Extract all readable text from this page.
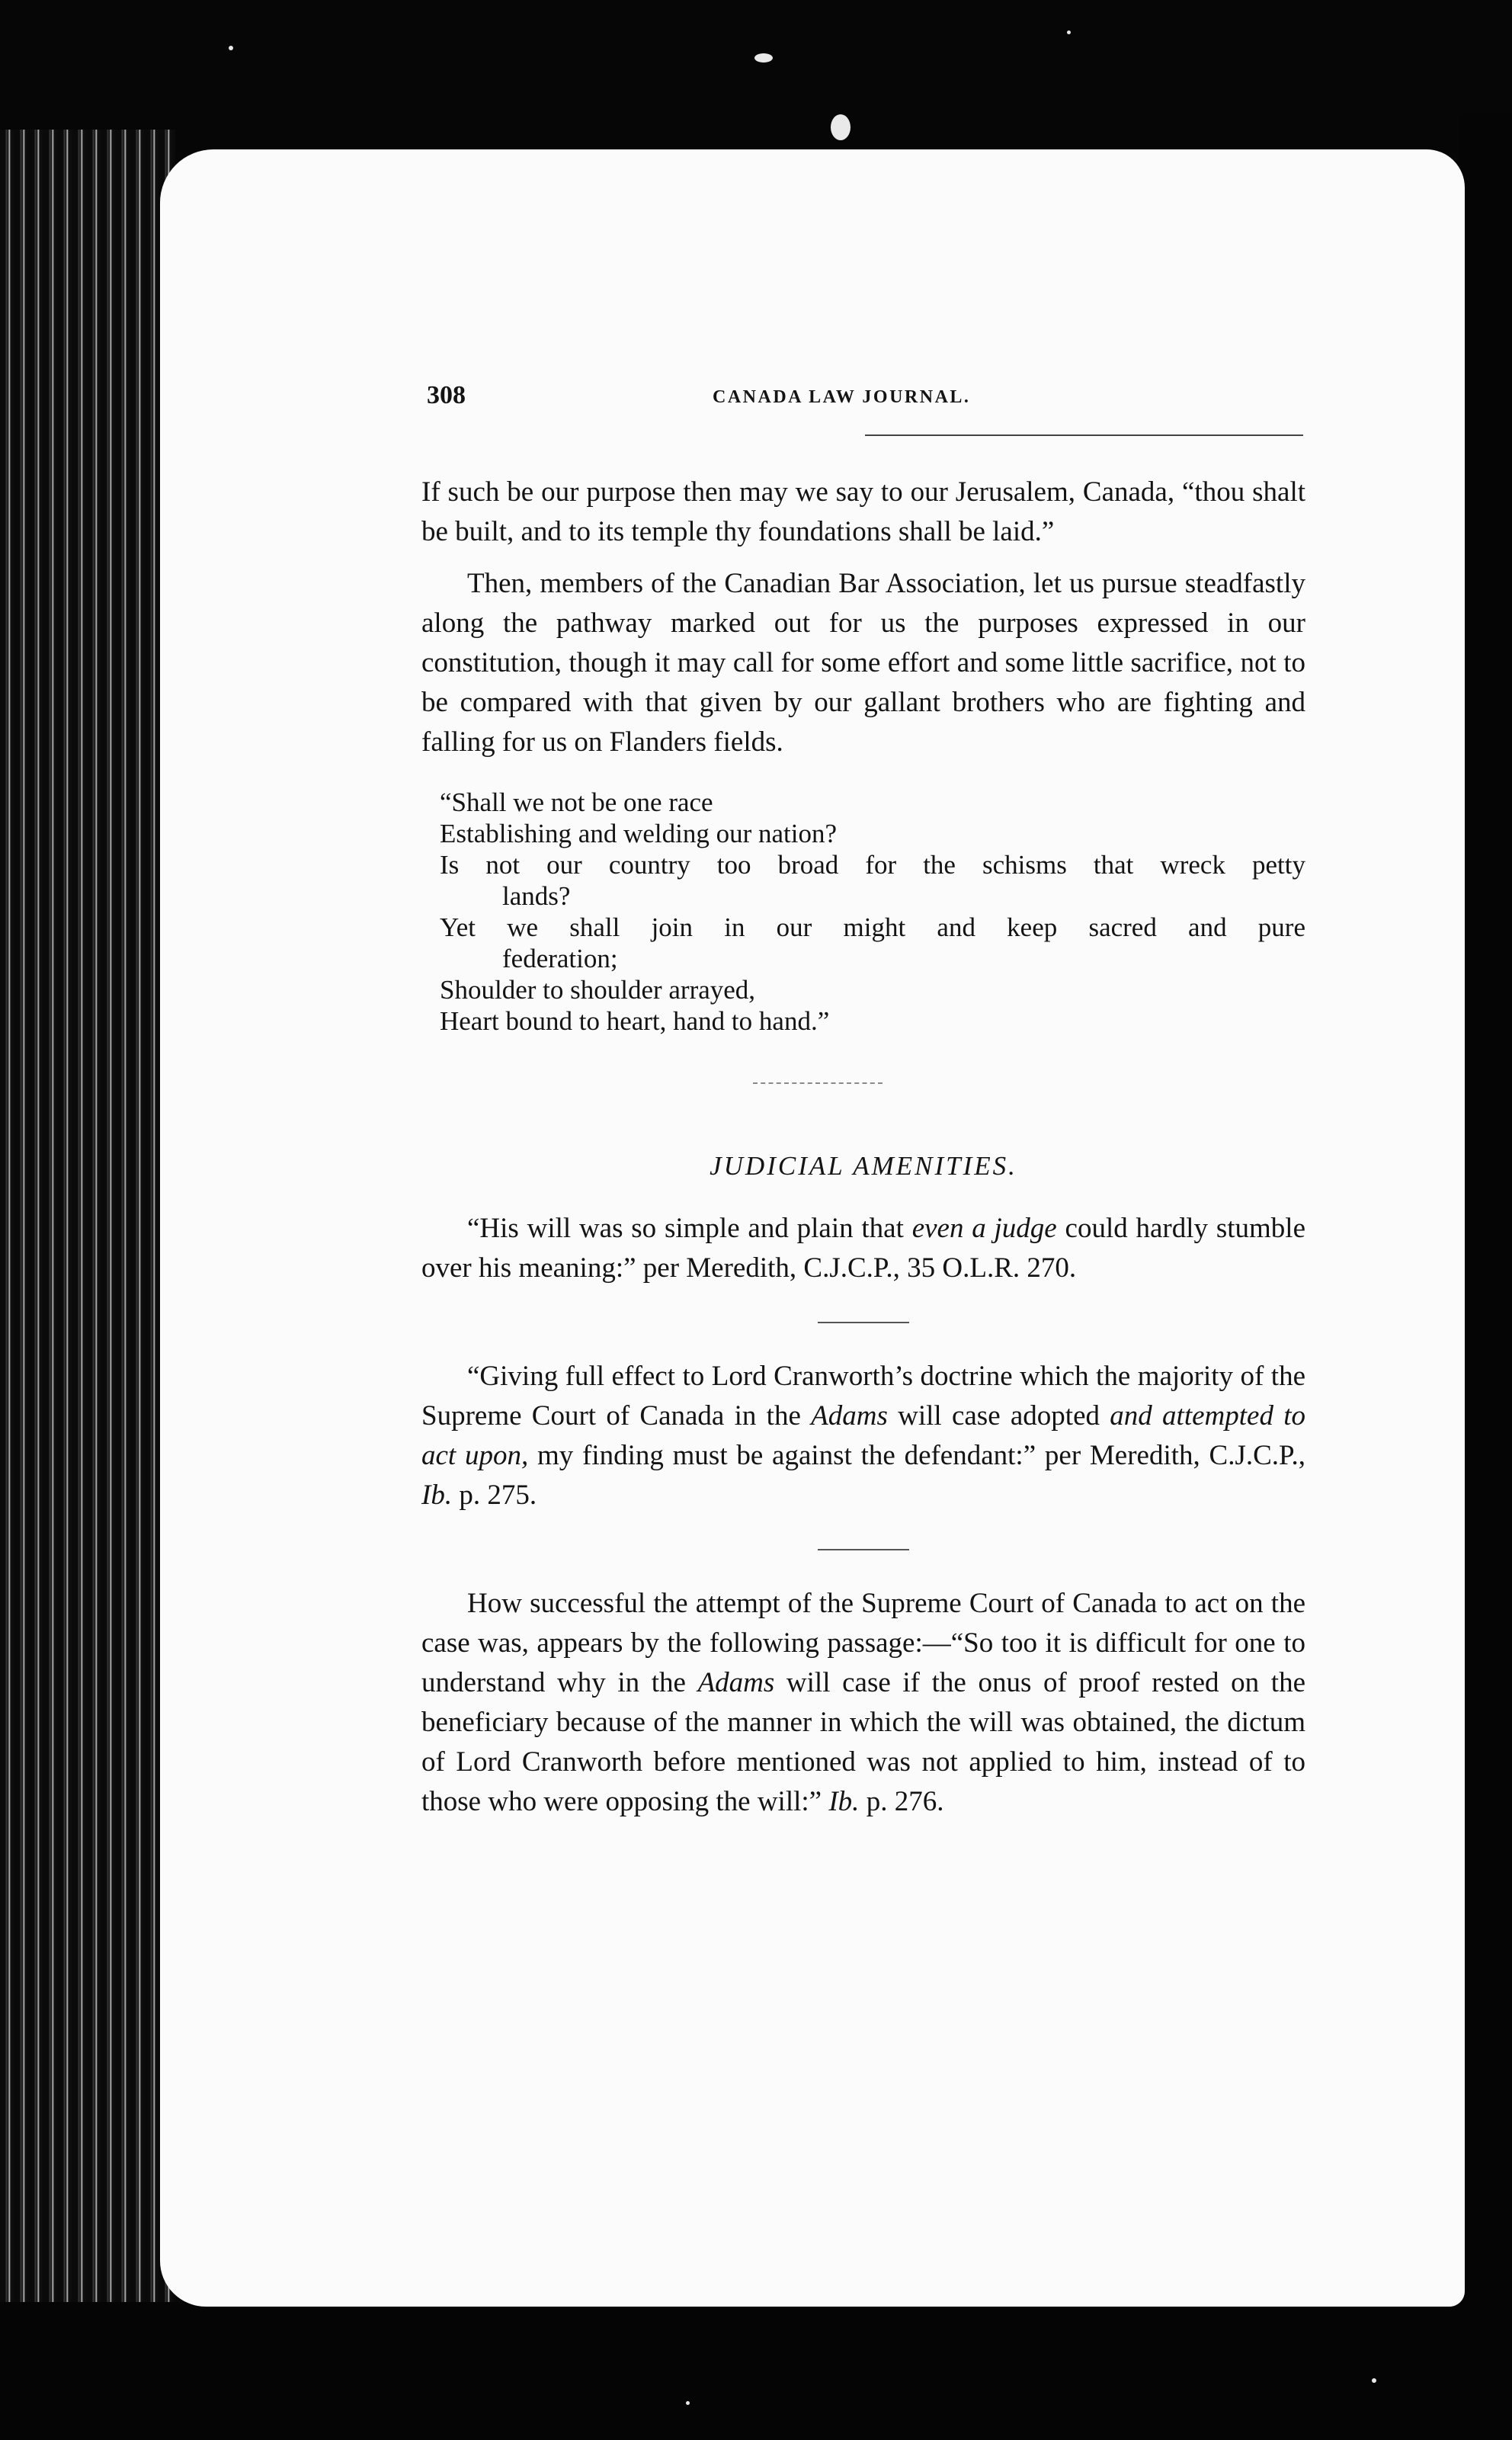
308	CANADA LAW JOURNAL.

If such be our purpose then may we say to our Jerusalem, Canada, “thou shalt be built, and to its temple thy foundations shall be laid.”

Then, members of the Canadian Bar Association, let us pursue steadfastly along the pathway marked out for us the purposes expressed in our constitution, though it may call for some effort and some little sacrifice, not to be compared with that given by our gallant brothers who are fighting and falling for us on Flanders fields.

“Shall we not be one race
Establishing and welding our nation?
Is not our country too broad for the schisms that wreck petty
lands?
Yet we shall join in our might and keep sacred and pure
federation;
Shoulder to shoulder arrayed,
Heart bound to heart, hand to hand.”

JUDICIAL AMENITIES.

“His will was so simple and plain that even a judge could hardly stumble over his meaning:” per Meredith, C.J.C.P., 35 O.L.R. 270.

“Giving full effect to Lord Cranworth’s doctrine which the majority of the Supreme Court of Canada in the Adams will case adopted and attempted to act upon, my finding must be against the defendant:” per Meredith, C.J.C.P., Ib. p. 275.

How successful the attempt of the Supreme Court of Canada to act on the case was, appears by the following passage:—“So too it is difficult for one to understand why in the Adams will case if the onus of proof rested on the beneficiary because of the manner in which the will was obtained, the dictum of Lord Cranworth before mentioned was not applied to him, instead of to those who were opposing the will:” Ib. p. 276.
